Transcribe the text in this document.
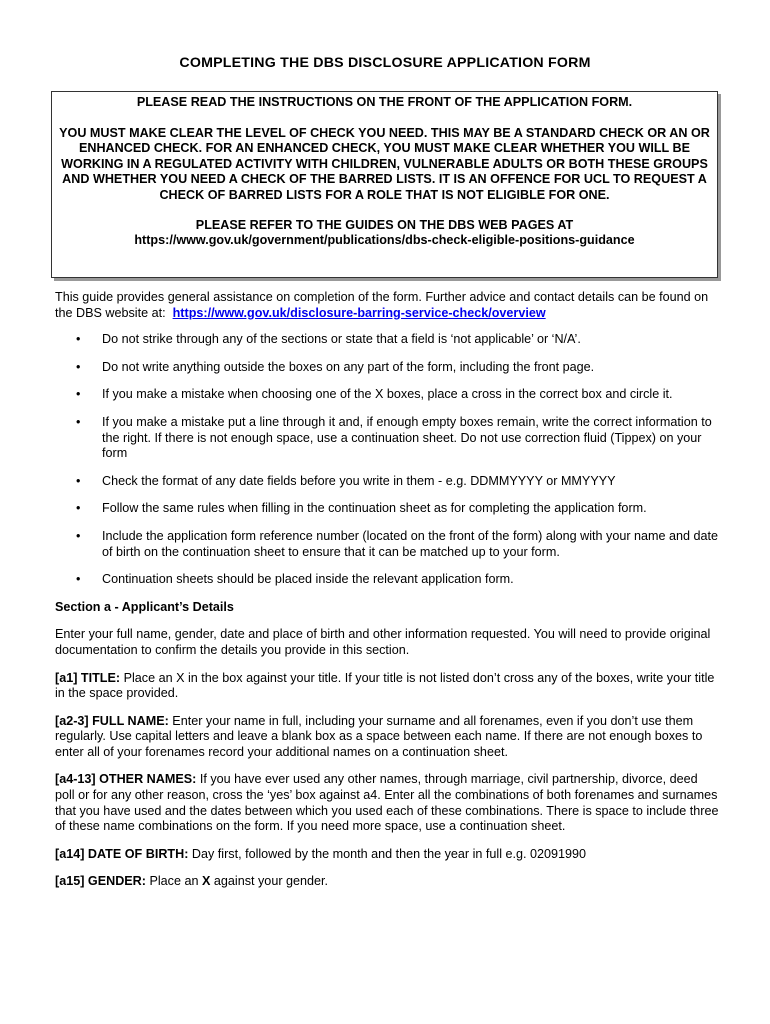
COMPLETING THE DBS DISCLOSURE APPLICATION FORM
PLEASE READ THE INSTRUCTIONS ON THE FRONT OF THE APPLICATION FORM.
YOU MUST MAKE CLEAR THE LEVEL OF CHECK YOU NEED. THIS MAY BE A STANDARD CHECK OR AN OR ENHANCED CHECK. FOR AN ENHANCED CHECK, YOU MUST MAKE CLEAR WHETHER YOU WILL BE WORKING IN A REGULATED ACTIVITY WITH CHILDREN, VULNERABLE ADULTS OR BOTH THESE GROUPS AND WHETHER YOU NEED A CHECK OF THE BARRED LISTS. IT IS AN OFFENCE FOR UCL TO REQUEST A CHECK OF BARRED LISTS FOR A ROLE THAT IS NOT ELIGIBLE FOR ONE.
PLEASE REFER TO THE GUIDES ON THE DBS WEB PAGES AT
https://www.gov.uk/government/publications/dbs-check-eligible-positions-guidance

This guide provides general assistance on completion of the form. Further advice and contact details can be found on the DBS website at: https://www.gov.uk/disclosure-barring-service-check/overview

• Do not strike through any of the sections or state that a field is ‘not applicable’ or ‘N/A’.
• Do not write anything outside the boxes on any part of the form, including the front page.
• If you make a mistake when choosing one of the X boxes, place a cross in the correct box and circle it.
• If you make a mistake put a line through it and, if enough empty boxes remain, write the correct information to the right. If there is not enough space, use a continuation sheet. Do not use correction fluid (Tippex) on your form
• Check the format of any date fields before you write in them - e.g. DDMMYYYY or MMYYYY
• Follow the same rules when filling in the continuation sheet as for completing the application form.
• Include the application form reference number (located on the front of the form) along with your name and date of birth on the continuation sheet to ensure that it can be matched up to your form.
• Continuation sheets should be placed inside the relevant application form.

Section a - Applicant’s Details

Enter your full name, gender, date and place of birth and other information requested. You will need to provide original documentation to confirm the details you provide in this section.

[a1] TITLE: Place an X in the box against your title. If your title is not listed don’t cross any of the boxes, write your title in the space provided.

[a2-3] FULL NAME: Enter your name in full, including your surname and all forenames, even if you don’t use them regularly. Use capital letters and leave a blank box as a space between each name. If there are not enough boxes to enter all of your forenames record your additional names on a continuation sheet.

[a4-13] OTHER NAMES: If you have ever used any other names, through marriage, civil partnership, divorce, deed poll or for any other reason, cross the ‘yes’ box against a4. Enter all the combinations of both forenames and surnames that you have used and the dates between which you used each of these combinations. There is space to include three of these name combinations on the form. If you need more space, use a continuation sheet.

[a14] DATE OF BIRTH: Day first, followed by the month and then the year in full e.g. 02091990

[a15] GENDER: Place an X against your gender.
